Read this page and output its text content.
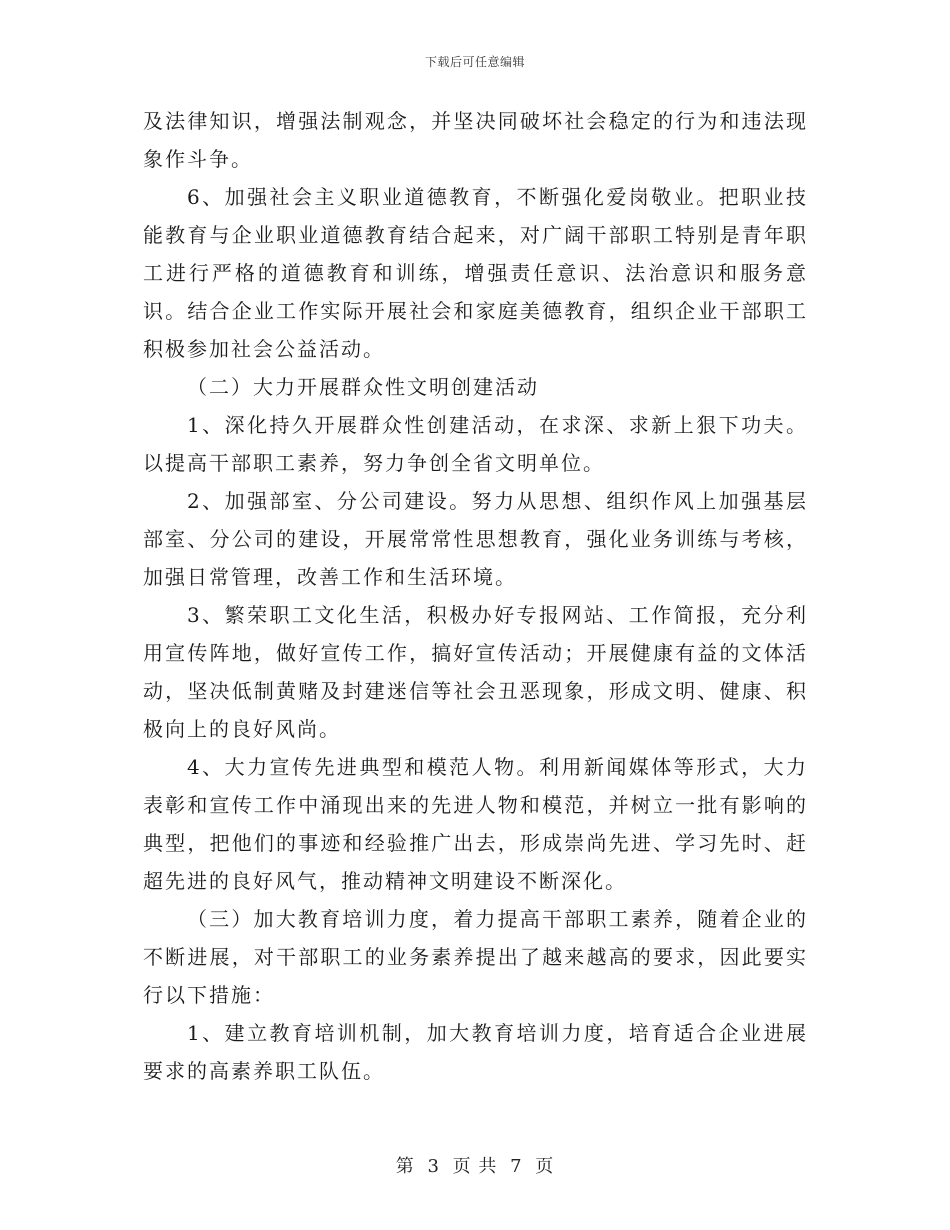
下载后可任意编辑

及法律知识，增强法制观念，并坚决同破坏社会稳定的行为和违法现象作斗争。

6、加强社会主义职业道德教育，不断强化爱岗敬业。把职业技能教育与企业职业道德教育结合起来，对广阔干部职工特别是青年职工进行严格的道德教育和训练，增强责任意识、法治意识和服务意识。结合企业工作实际开展社会和家庭美德教育，组织企业干部职工积极参加社会公益活动。

（二）大力开展群众性文明创建活动

1、深化持久开展群众性创建活动，在求深、求新上狠下功夫。以提高干部职工素养，努力争创全省文明单位。

2、加强部室、分公司建设。努力从思想、组织作风上加强基层部室、分公司的建设，开展常常性思想教育，强化业务训练与考核，加强日常管理，改善工作和生活环境。

3、繁荣职工文化生活，积极办好专报网站、工作简报，充分利用宣传阵地，做好宣传工作，搞好宣传活动；开展健康有益的文体活动，坚决低制黄赌及封建迷信等社会丑恶现象，形成文明、健康、积极向上的良好风尚。

4、大力宣传先进典型和模范人物。利用新闻媒体等形式，大力表彰和宣传工作中涌现出来的先进人物和模范，并树立一批有影响的典型，把他们的事迹和经验推广出去，形成崇尚先进、学习先时、赶超先进的良好风气，推动精神文明建设不断深化。

（三）加大教育培训力度，着力提高干部职工素养，随着企业的不断进展，对干部职工的业务素养提出了越来越高的要求，因此要实行以下措施：

1、建立教育培训机制，加大教育培训力度，培育适合企业进展要求的高素养职工队伍。

第 3 页 共 7 页
